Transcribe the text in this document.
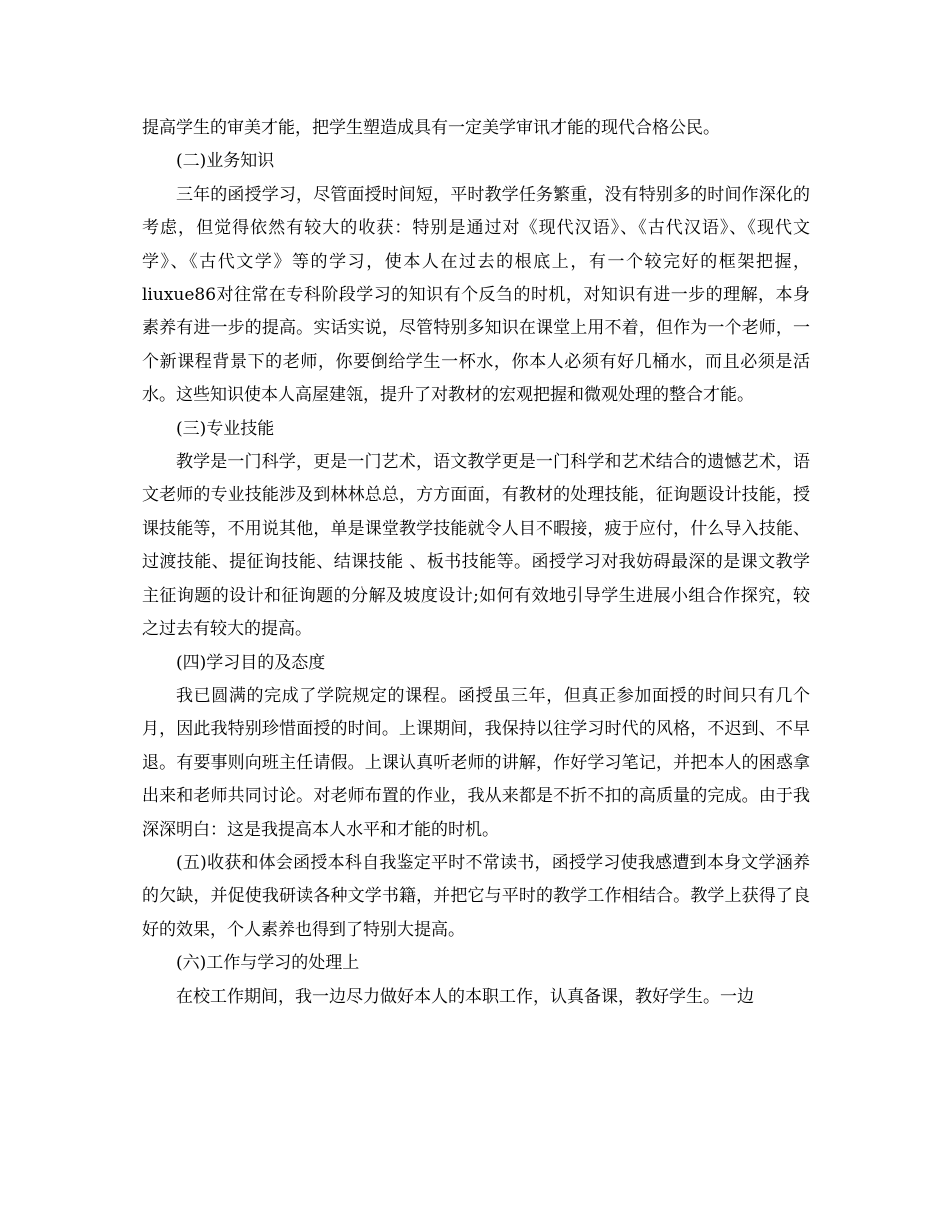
提高学生的审美才能，把学生塑造成具有一定美学审讯才能的现代合格公民。

(二)业务知识

三年的函授学习，尽管面授时间短，平时教学任务繁重，没有特别多的时间作深化的考虑，但觉得依然有较大的收获：特别是通过对《现代汉语》、《古代汉语》、《现代文学》、《古代文学》等的学习，使本人在过去的根底上，有一个较完好的框架把握，liuxue86对往常在专科阶段学习的知识有个反刍的时机，对知识有进一步的理解，本身素养有进一步的提高。实话实说，尽管特别多知识在课堂上用不着，但作为一个老师，一个新课程背景下的老师，你要倒给学生一杯水，你本人必须有好几桶水，而且必须是活水。这些知识使本人高屋建瓴，提升了对教材的宏观把握和微观处理的整合才能。

(三)专业技能

教学是一门科学，更是一门艺术，语文教学更是一门科学和艺术结合的遗憾艺术，语文老师的专业技能涉及到林林总总，方方面面，有教材的处理技能，征询题设计技能，授课技能等，不用说其他，单是课堂教学技能就令人目不暇接，疲于应付，什么导入技能、过渡技能、提征询技能、结课技能 、板书技能等。函授学习对我妨碍最深的是课文教学主征询题的设计和征询题的分解及坡度设计;如何有效地引导学生进展小组合作探究，较之过去有较大的提高。

(四)学习目的及态度

我已圆满的完成了学院规定的课程。函授虽三年，但真正参加面授的时间只有几个月，因此我特别珍惜面授的时间。上课期间，我保持以往学习时代的风格，不迟到、不早退。有要事则向班主任请假。上课认真听老师的讲解，作好学习笔记，并把本人的困惑拿出来和老师共同讨论。对老师布置的作业，我从来都是不折不扣的高质量的完成。由于我深深明白：这是我提高本人水平和才能的时机。

(五)收获和体会函授本科自我鉴定平时不常读书，函授学习使我感遭到本身文学涵养的欠缺，并促使我研读各种文学书籍，并把它与平时的教学工作相结合。教学上获得了良好的效果，个人素养也得到了特别大提高。

(六)工作与学习的处理上

在校工作期间，我一边尽力做好本人的本职工作，认真备课，教好学生。一边
